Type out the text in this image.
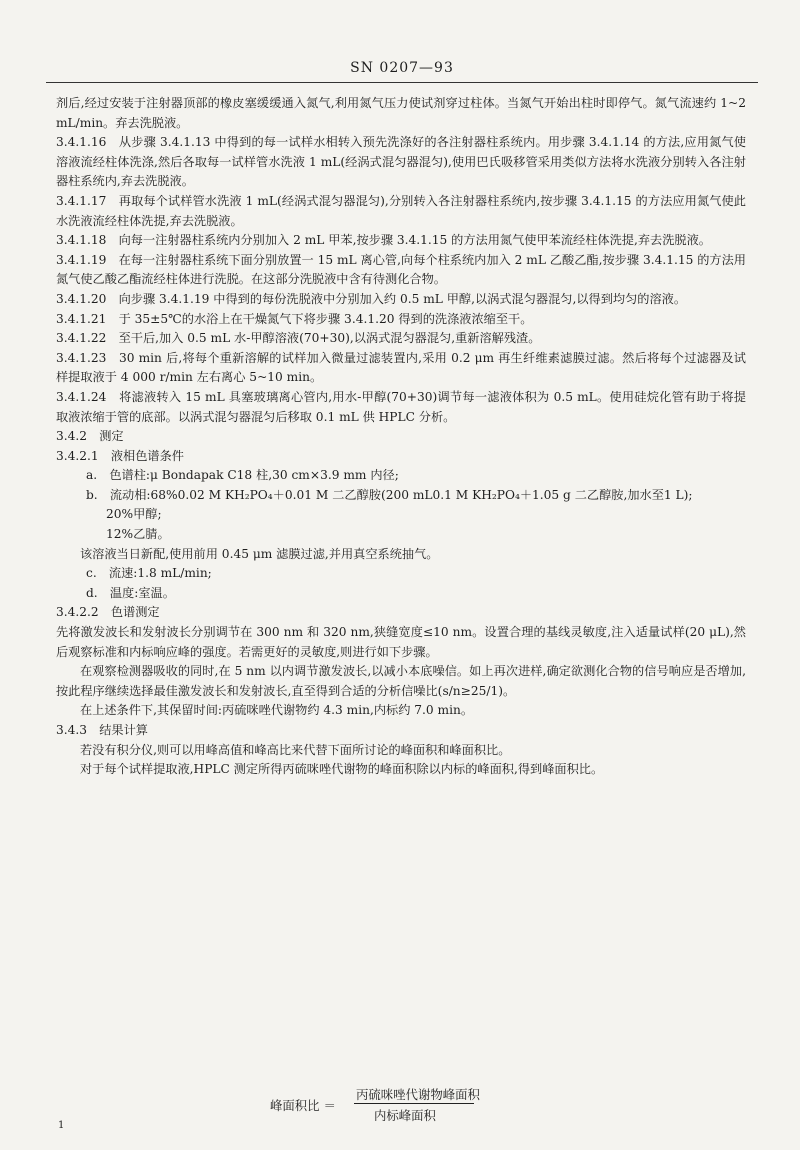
SN 0207—93

剂后,经过安装于注射器顶部的橡皮塞缓缓通入氮气,利用氮气压力使试剂穿过柱体。当氮气开始出柱时即停气。氮气流速约 1~2 mL/min。弃去洗脱液。

3.4.1.16　从步骤 3.4.1.13 中得到的每一试样水相转入预先洗涤好的各注射器柱系统内。用步骤 3.4.1.14 的方法,应用氮气使溶液流经柱体洗涤,然后各取每一试样管水洗液 1 mL(经涡式混匀器混匀),使用巴氏吸移管采用类似方法将水洗液分别转入各注射器柱系统内,弃去洗脱液。

3.4.1.17　再取每个试样管水洗液 1 mL(经涡式混匀器混匀),分别转入各注射器柱系统内,按步骤 3.4.1.15 的方法应用氮气使此水洗液流经柱体洗提,弃去洗脱液。

3.4.1.18　向每一注射器柱系统内分别加入 2 mL 甲苯,按步骤 3.4.1.15 的方法用氮气使甲苯流经柱体洗提,弃去洗脱液。

3.4.1.19　在每一注射器柱系统下面分别放置一 15 mL 离心管,向每个柱系统内加入 2 mL 乙酸乙酯,按步骤 3.4.1.15 的方法用氮气使乙酸乙酯流经柱体进行洗脱。在这部分洗脱液中含有待测化合物。

3.4.1.20　向步骤 3.4.1.19 中得到的每份洗脱液中分别加入约 0.5 mL 甲醇,以涡式混匀器混匀,以得到均匀的溶液。

3.4.1.21　于 35±5℃的水浴上在干燥氮气下将步骤 3.4.1.20 得到的洗涤液浓缩至干。

3.4.1.22　至干后,加入 0.5 mL 水-甲醇溶液(70+30),以涡式混匀器混匀,重新溶解残渣。

3.4.1.23　30 min 后,将每个重新溶解的试样加入微量过滤装置内,采用 0.2 μm 再生纤维素滤膜过滤。然后将每个过滤器及试样提取液于 4 000 r/min 左右离心 5~10 min。

3.4.1.24　将滤液转入 15 mL 具塞玻璃离心管内,用水-甲醇(70+30)调节每一滤液体积为 0.5 mL。使用硅烷化管有助于将提取液浓缩于管的底部。以涡式混匀器混匀后移取 0.1 mL 供 HPLC 分析。

3.4.2　测定

3.4.2.1　液相色谱条件

a.　色谱柱:μ Bondapak C18 柱,30 cm×3.9 mm 内径;

b.　流动相:68%0.02 M KH₂PO₄＋0.01 M 二乙醇胺(200 mL0.1 M KH₂PO₄＋1.05 g 二乙醇胺,加水至1 L);

20%甲醇;

12%乙腈。

该溶液当日新配,使用前用 0.45 μm 滤膜过滤,并用真空系统抽气。

c.　流速:1.8 mL/min;

d.　温度:室温。

3.4.2.2　色谱测定

先将激发波长和发射波长分别调节在 300 nm 和 320 nm,狭缝宽度≤10 nm。设置合理的基线灵敏度,注入适量试样(20 μL),然后观察标准和内标响应峰的强度。若需更好的灵敏度,则进行如下步骤。

在观察检测器吸收的同时,在 5 nm 以内调节激发波长,以减小本底噪信。如上再次进样,确定欲测化合物的信号响应是否增加,按此程序继续选择最佳激发波长和发射波长,直至得到合适的分析信噪比(s/n≥25/1)。

在上述条件下,其保留时间:丙硫咪唑代谢物约 4.3 min,内标约 7.0 min。

3.4.3　结果计算

若没有积分仪,则可以用峰高值和峰高比来代替下面所讨论的峰面积和峰面积比。

对于每个试样提取液,HPLC 测定所得丙硫咪唑代谢物的峰面积除以内标的峰面积,得到峰面积比。

峰面积比 ＝
丙硫咪唑代谢物峰面积
内标峰面积
1
